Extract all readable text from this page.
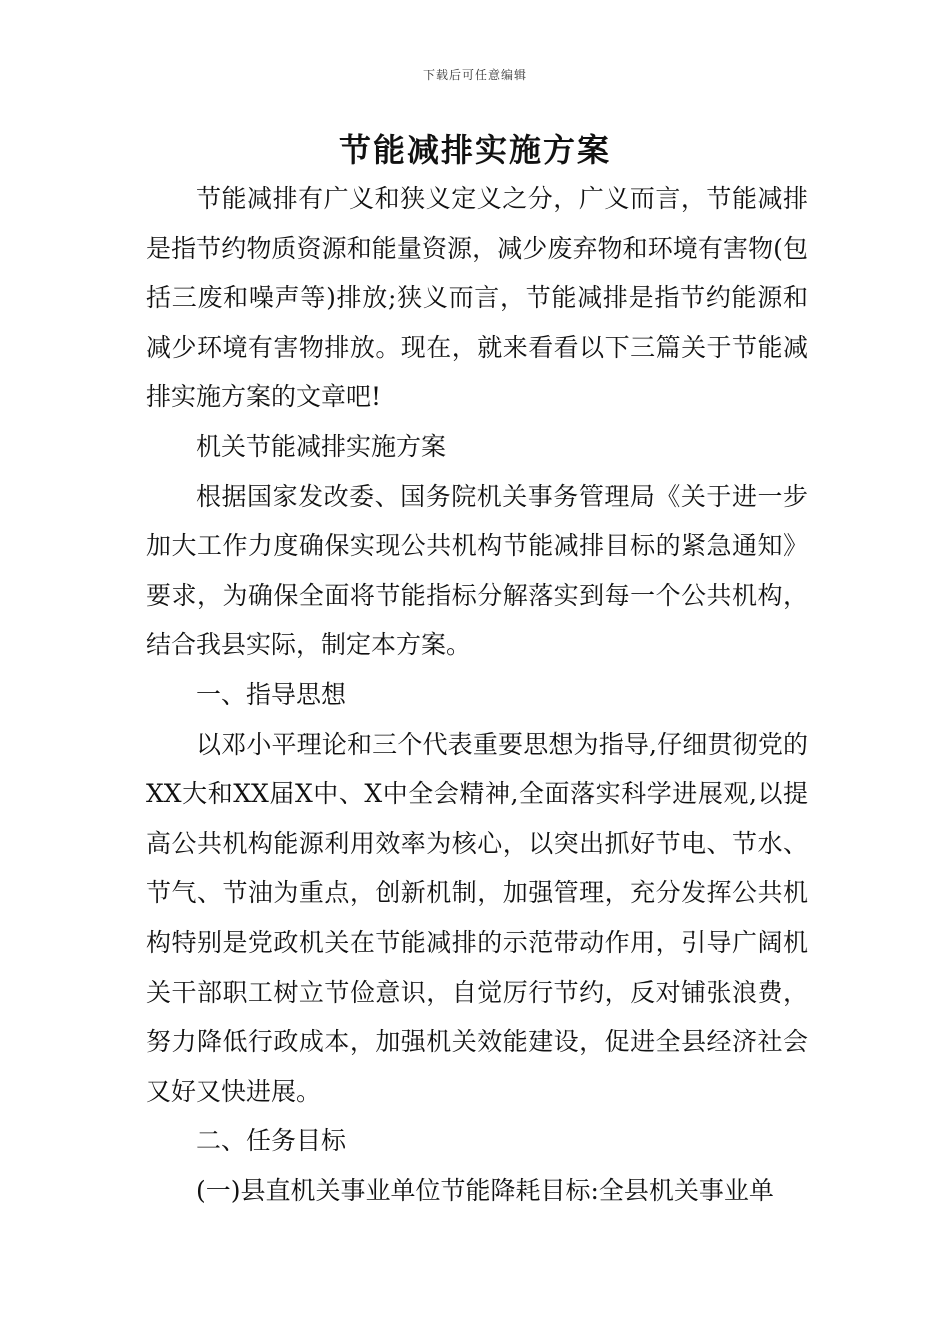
下载后可任意编辑
节能减排实施方案

节能减排有广义和狭义定义之分，广义而言，节能减排是指节约物质资源和能量资源，减少废弃物和环境有害物(包括三废和噪声等)排放;狭义而言，节能减排是指节约能源和减少环境有害物排放。现在，就来看看以下三篇关于节能减排实施方案的文章吧!

机关节能减排实施方案

根据国家发改委、国务院机关事务管理局《关于进一步加大工作力度确保实现公共机构节能减排目标的紧急通知》要求，为确保全面将节能指标分解落实到每一个公共机构，结合我县实际，制定本方案。

一、指导思想

以邓小平理论和三个代表重要思想为指导,仔细贯彻党的XX大和XX届X中、X中全会精神,全面落实科学进展观,以提高公共机构能源利用效率为核心，以突出抓好节电、节水、节气、节油为重点，创新机制，加强管理，充分发挥公共机构特别是党政机关在节能减排的示范带动作用，引导广阔机关干部职工树立节俭意识，自觉厉行节约，反对铺张浪费，努力降低行政成本，加强机关效能建设，促进全县经济社会又好又快进展。

二、任务目标

(一)县直机关事业单位节能降耗目标:全县机关事业单
